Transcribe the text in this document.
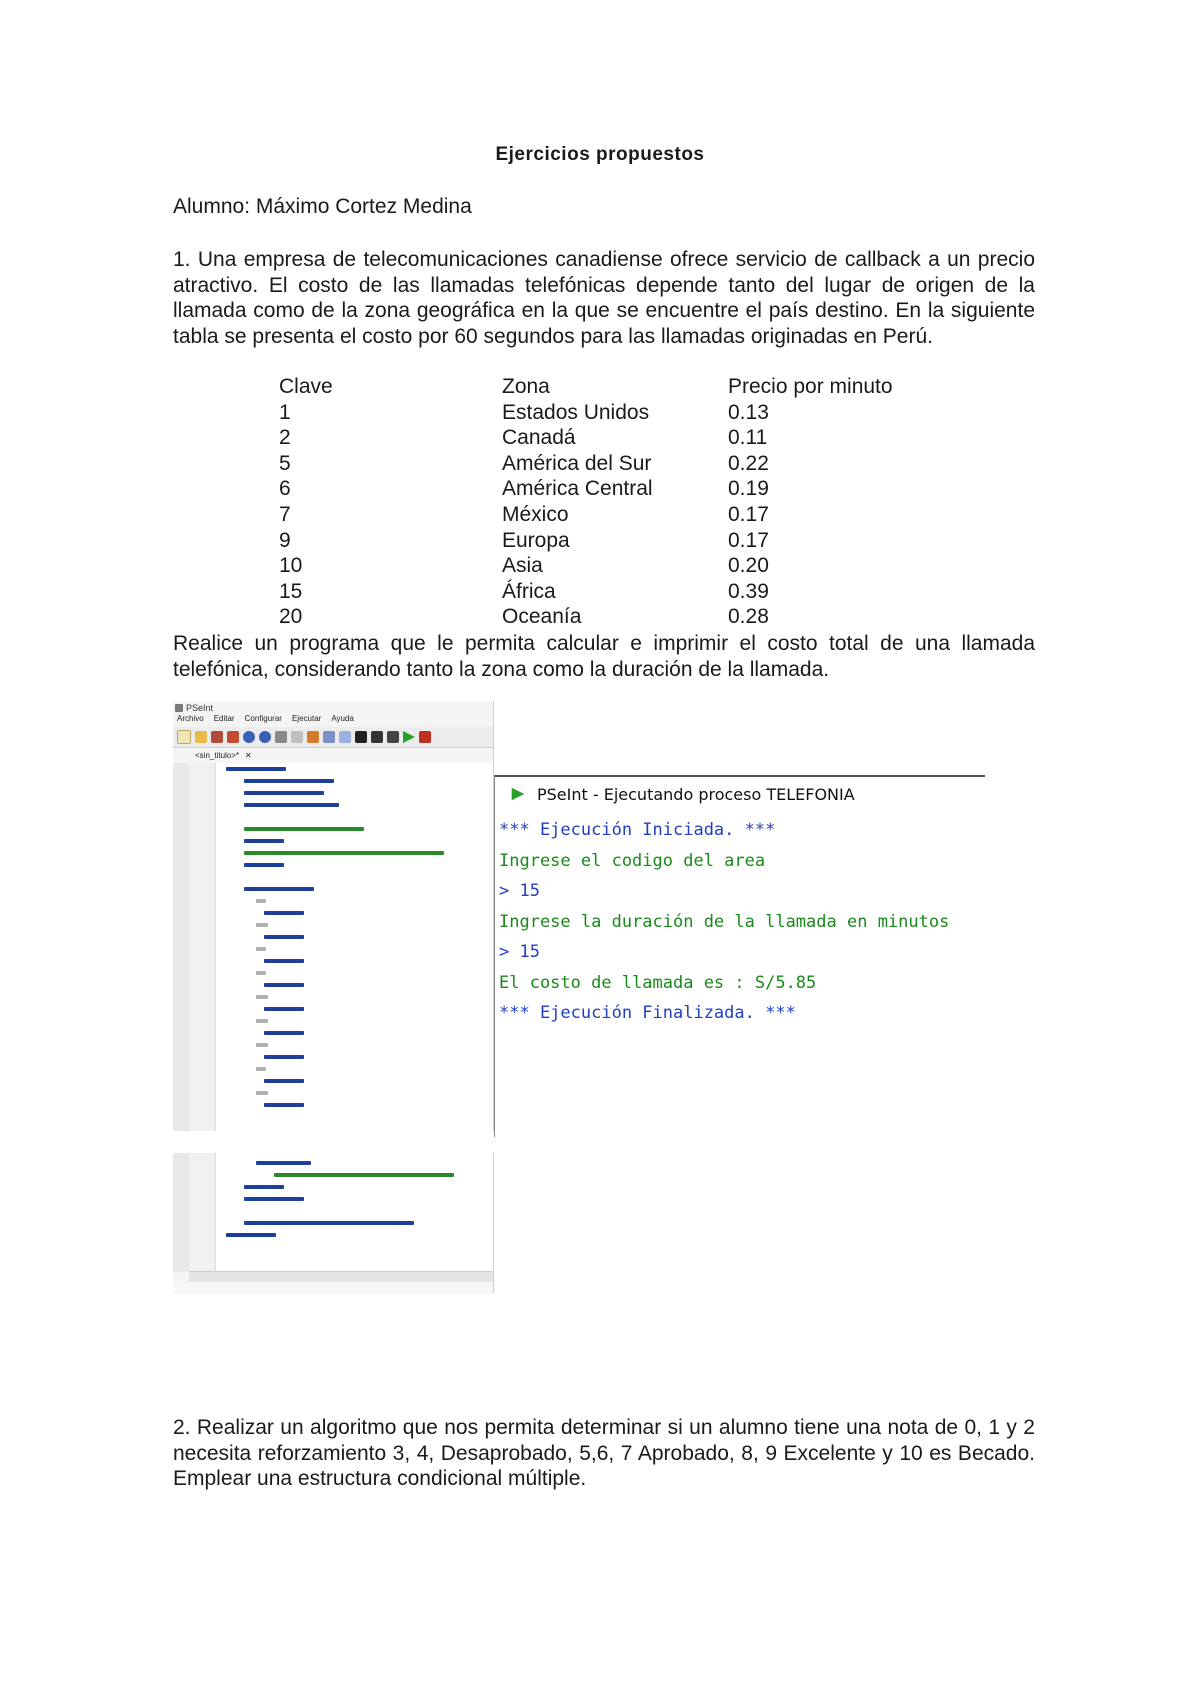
Ejercicios propuestos
Alumno: Máximo Cortez Medina
1. Una empresa de telecomunicaciones canadiense ofrece servicio de callback a un precio atractivo. El costo de las llamadas telefónicas depende tanto del lugar de origen de la llamada como de la zona geográfica en la que se encuentre el país destino. En la siguiente tabla se presenta el costo por 60 segundos para las llamadas originadas en Perú.
Clave	Zona	Precio por minuto
1	Estados Unidos	0.13
2	Canadá	0.11
5	América del Sur	0.22
6	América Central	0.19
7	México	0.17
9	Europa	0.17
10	Asia	0.20
15	África	0.39
20	Oceanía	0.28
Realice un programa que le permita calcular e imprimir el costo total de una llamada telefónica, considerando tanto la zona como la duración de la llamada.
PSeInt
Archivo Editar Configurar Ejecutar Ayuda
<sin_titulo>* ✕
PSeInt - Ejecutando proceso TELEFONIA
*** Ejecución Iniciada. ***
Ingrese el codigo del area
> 15
Ingrese la duración de la llamada en minutos
> 15
El costo de llamada es : S/5.85
*** Ejecución Finalizada. ***
2. Realizar un algoritmo que nos permita determinar si un alumno tiene una nota de 0, 1 y 2 necesita reforzamiento 3, 4, Desaprobado, 5,6, 7 Aprobado, 8, 9 Excelente y 10 es Becado. Emplear una estructura condicional múltiple.
